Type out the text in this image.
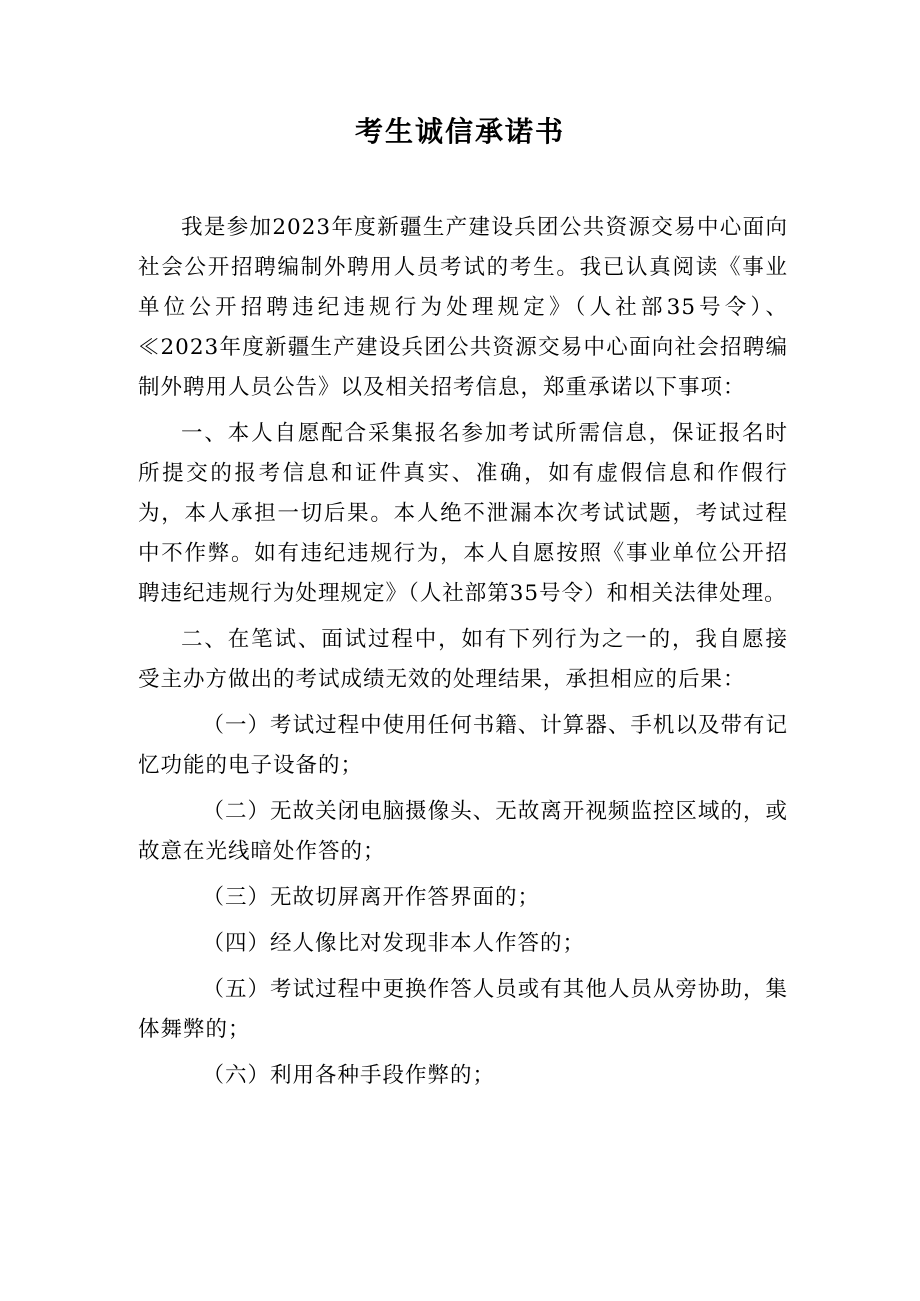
考生诚信承诺书

我是参加2023年度新疆生产建设兵团公共资源交易中心面向社会公开招聘编制外聘用人员考试的考生。我已认真阅读《事业单位公开招聘违纪违规行为处理规定》（人社部35号令）、≪2023年度新疆生产建设兵团公共资源交易中心面向社会招聘编制外聘用人员公告》以及相关招考信息，郑重承诺以下事项：

一、本人自愿配合采集报名参加考试所需信息，保证报名时所提交的报考信息和证件真实、准确，如有虚假信息和作假行为，本人承担一切后果。本人绝不泄漏本次考试试题，考试过程中不作弊。如有违纪违规行为，本人自愿按照《事业单位公开招聘违纪违规行为处理规定》（人社部第35号令）和相关法律处理。

二、在笔试、面试过程中，如有下列行为之一的，我自愿接受主办方做出的考试成绩无效的处理结果，承担相应的后果：

（一）考试过程中使用任何书籍、计算器、手机以及带有记忆功能的电子设备的；

（二）无故关闭电脑摄像头、无故离开视频监控区域的，或故意在光线暗处作答的；

（三）无故切屏离开作答界面的；

（四）经人像比对发现非本人作答的；

（五）考试过程中更换作答人员或有其他人员从旁协助，集体舞弊的；

（六）利用各种手段作弊的；
